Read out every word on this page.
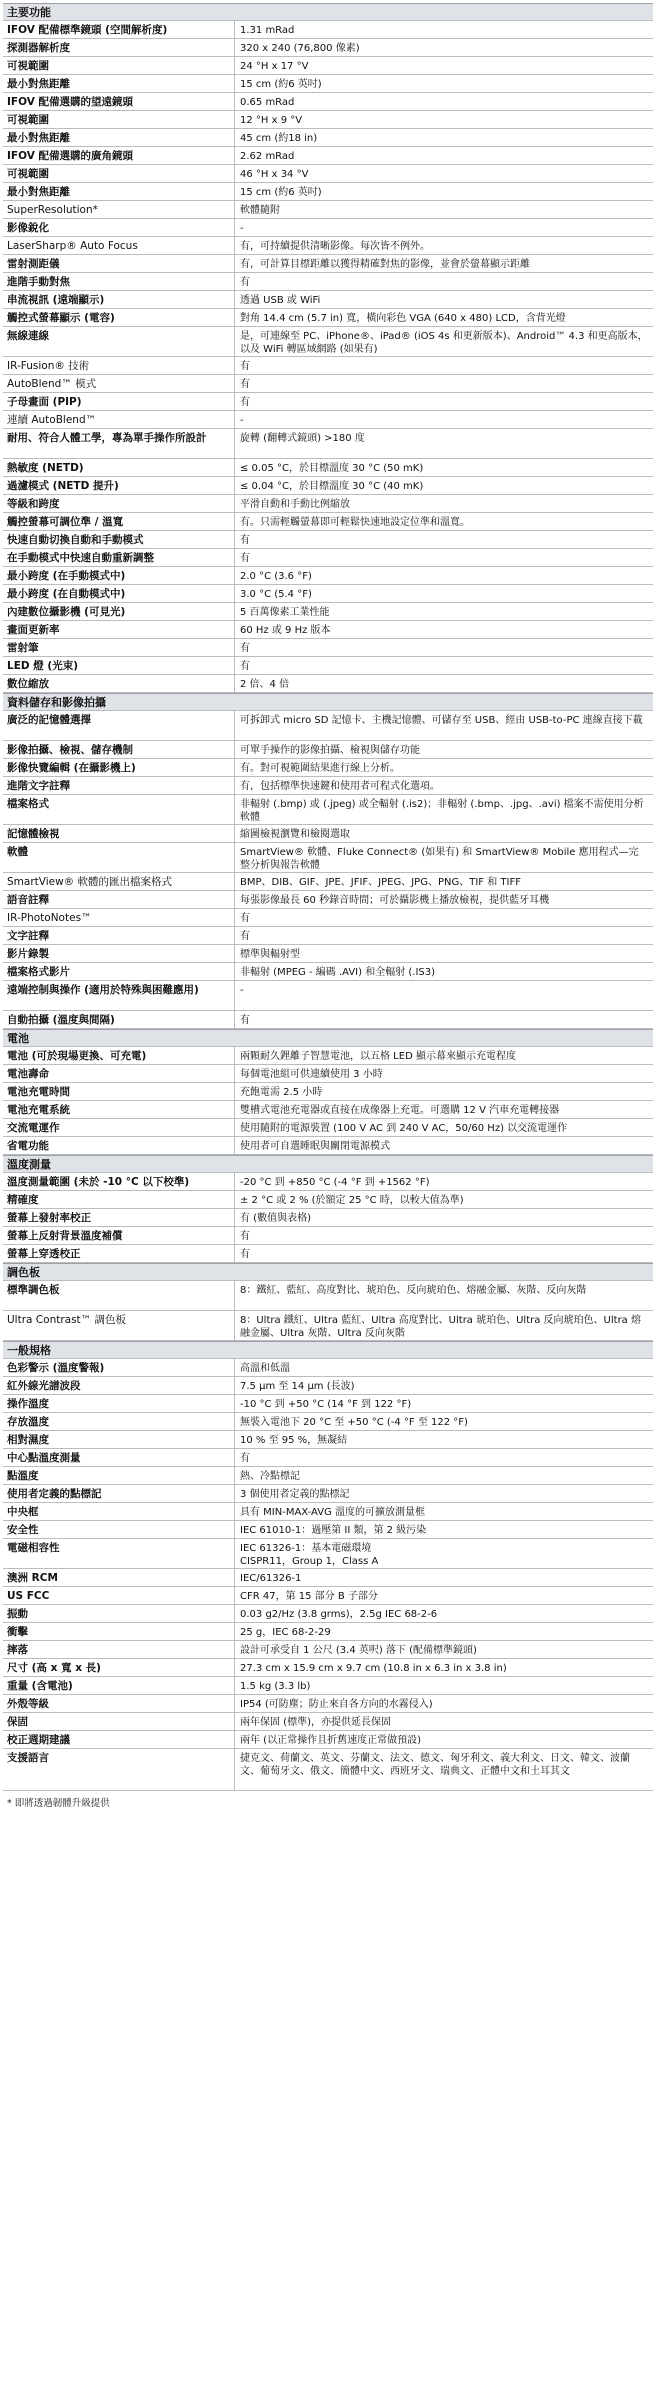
主要功能
IFOV 配備標準鏡頭 (空間解析度)	1.31 mRad
探測器解析度	320 x 240 (76,800 像素)
可視範圍	24 °H x 17 °V
最小對焦距離	15 cm (約6 英吋)
IFOV 配備選購的望遠鏡頭	0.65 mRad
可視範圍	12 °H x 9 °V
最小對焦距離	45 cm (約18 in)
IFOV 配備選購的廣角鏡頭	2.62 mRad
可視範圍	46 °H x 34 °V
最小對焦距離	15 cm (約6 英吋)
SuperResolution*	軟體隨附
影像銳化	-
LaserSharp® Auto Focus	有，可持續提供清晰影像。每次皆不例外。
雷射測距儀	有，可計算目標距離以獲得精確對焦的影像，並會於螢幕顯示距離
進階手動對焦	有
串流視訊 (遠端顯示)	透過 USB 或 WiFi
觸控式螢幕顯示 (電容)	對角 14.4 cm (5.7 in) 寬，橫向彩色 VGA (640 x 480) LCD，含背光燈
無線連線	是，可連線至 PC、iPhone®、iPad® (iOS 4s 和更新版本)、Android™ 4.3 和更高版本，以及 WiFi 轉區域網路 (如果有)
IR-Fusion® 技術	有
AutoBlend™ 模式	有
子母畫面 (PIP)	有
連續 AutoBlend™	-
耐用、符合人體工學，專為單手操作所設計	旋轉 (翻轉式鏡頭) >180 度
熱敏度 (NETD)	≤ 0.05 °C，於目標溫度 30 °C (50 mK)
過濾模式 (NETD 提升)	≤ 0.04 °C，於目標溫度 30 °C (40 mK)
等級和跨度	平滑自動和手動比例縮放
觸控螢幕可調位準 / 溫寬	有。只需輕觸螢幕即可輕鬆快速地設定位準和溫寬。
快速自動切換自動和手動模式	有
在手動模式中快速自動重新調整	有
最小跨度 (在手動模式中)	2.0 °C (3.6 °F)
最小跨度 (在自動模式中)	3.0 °C (5.4 °F)
內建數位攝影機 (可見光)	5 百萬像素工業性能
畫面更新率	60 Hz 或 9 Hz 版本
雷射筆	有
LED 燈 (光束)	有
數位縮放	2 倍、4 倍
資料儲存和影像拍攝
廣泛的記憶體選擇	可拆卸式 micro SD 記憶卡、主機記憶體、可儲存至 USB、經由 USB-to-PC 連線直接下載
影像拍攝、檢視、儲存機制	可單手操作的影像拍攝、檢視與儲存功能
影像快覽編輯 (在攝影機上)	有。對可視範圍結果進行線上分析。
進階文字註釋	有，包括標準快速鍵和使用者可程式化選項。
檔案格式	非輻射 (.bmp) 或 (.jpeg) 或全輻射 (.is2)；非輻射 (.bmp、.jpg、.avi) 檔案不需使用分析軟體
記憶體檢視	縮圖檢視瀏覽和檢閱選取
軟體	SmartView® 軟體、Fluke Connect® (如果有) 和 SmartView® Mobile 應用程式—完整分析與報告軟體
SmartView® 軟體的匯出檔案格式	BMP、DIB、GIF、JPE、JFIF、JPEG、JPG、PNG、TIF 和 TIFF
語音註釋	每張影像最長 60 秒錄音時間；可於攝影機上播放檢視，提供藍牙耳機
IR-PhotoNotes™	有
文字註釋	有
影片錄製	標準與輻射型
檔案格式影片	非輻射 (MPEG - 編碼 .AVI) 和全輻射 (.IS3)
遠端控制與操作 (適用於特殊與困難應用)	-
自動拍攝 (溫度與間隔)	有
電池
電池 (可於現場更換、可充電)	兩顆耐久鋰離子智慧電池，以五格 LED 顯示幕來顯示充電程度
電池壽命	每個電池組可供連續使用 3 小時
電池充電時間	充飽電需 2.5 小時
電池充電系統	雙槽式電池充電器或直接在成像器上充電。可選購 12 V 汽車充電轉接器
交流電運作	使用隨附的電源裝置 (100 V AC 到 240 V AC，50/60 Hz) 以交流電運作
省電功能	使用者可自選睡眠與關閉電源模式
溫度測量
溫度測量範圍 (未於 -10 °C 以下校準)	-20 °C 到 +850 °C (-4 °F 到 +1562 °F)
精確度	± 2 °C 或 2 % (於額定 25 °C 時，以較大值為準)
螢幕上發射率校正	有 (數值與表格)
螢幕上反射背景溫度補償	有
螢幕上穿透校正	有
調色板
標準調色板	8：鐵紅、藍紅、高度對比、琥珀色、反向琥珀色、熔融金屬、灰階、反向灰階
Ultra Contrast™ 調色板	8：Ultra 鐵紅、Ultra 藍紅、Ultra 高度對比、Ultra 琥珀色、Ultra 反向琥珀色、Ultra 熔融金屬、Ultra 灰階、Ultra 反向灰階
一般規格
色彩警示 (溫度警報)	高溫和低溫
紅外線光譜波段	7.5 μm 至 14 μm (長波)
操作溫度	-10 °C 到 +50 °C (14 °F 到 122 °F)
存放溫度	無裝入電池下 20 °C 至 +50 °C (-4 °F 至 122 °F)
相對濕度	10 % 至 95 %，無凝結
中心點溫度測量	有
點溫度	熱、冷點標記
使用者定義的點標記	3 個使用者定義的點標記
中央框	具有 MIN-MAX-AVG 溫度的可擴放測量框
安全性	IEC 61010-1：過壓第 II 類，第 2 級污染
電磁相容性	IEC 61326-1：基本電磁環境
CISPR11，Group 1，Class A
澳洲 RCM	IEC/61326-1
US FCC	CFR 47，第 15 部分 B 子部分
振動	0.03 g2/Hz (3.8 grms)，2.5g IEC 68-2-6
衝擊	25 g，IEC 68-2-29
摔落	設計可承受自 1 公尺 (3.4 英呎) 落下 (配備標準鏡頭)
尺寸 (高 x 寬 x 長)	27.3 cm x 15.9 cm x 9.7 cm (10.8 in x 6.3 in x 3.8 in)
重量 (含電池)	1.5 kg (3.3 lb)
外殼等級	IP54 (可防塵；防止來自各方向的水霧侵入)
保固	兩年保固 (標準)，亦提供延長保固
校正週期建議	兩年 (以正常操作且折舊速度正常做預設)
支援語言	捷克文、荷蘭文、英文、芬蘭文、法文、德文、匈牙利文、義大利文、日文、韓文、波蘭文、葡萄牙文、俄文、簡體中文、西班牙文、瑞典文、正體中文和土耳其文
* 即將透過韌體升級提供
